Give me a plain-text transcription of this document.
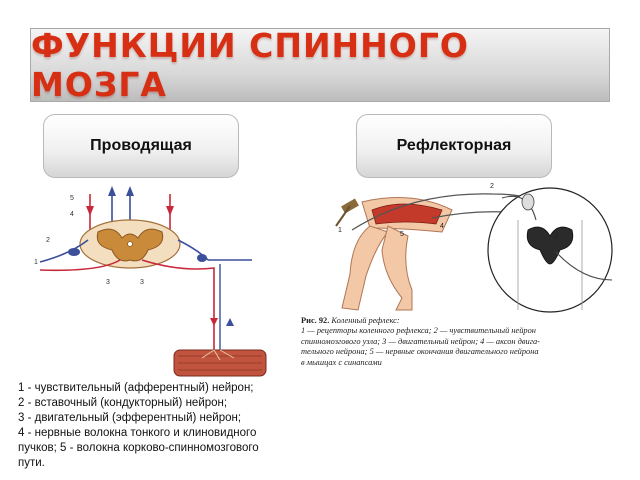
ФУНКЦИИ СПИННОГО МОЗГА
Проводящая	Рефлекторная
5
4
2
1
3	3
1 - чувствительный (афферентный) нейрон;
2 - вставочный (кондукторный) нейрон;
3 - двигательный (эфферентный) нейрон;
4 - нервные волокна тонкого и клиновидного
пучков; 5 - волокна корково-спинномозгового
пути.
1
2
3
4
5
Рис. 92. Коленный рефлекс:
1 — рецепторы коленного рефлекса; 2 — чувствительный нейрон
спинномозгового узла; 3 — двигательный нейрон; 4 — аксон двига-
тельного нейрона; 5 — нервные окончания двигательного нейрона
в мышцах с синапсами
